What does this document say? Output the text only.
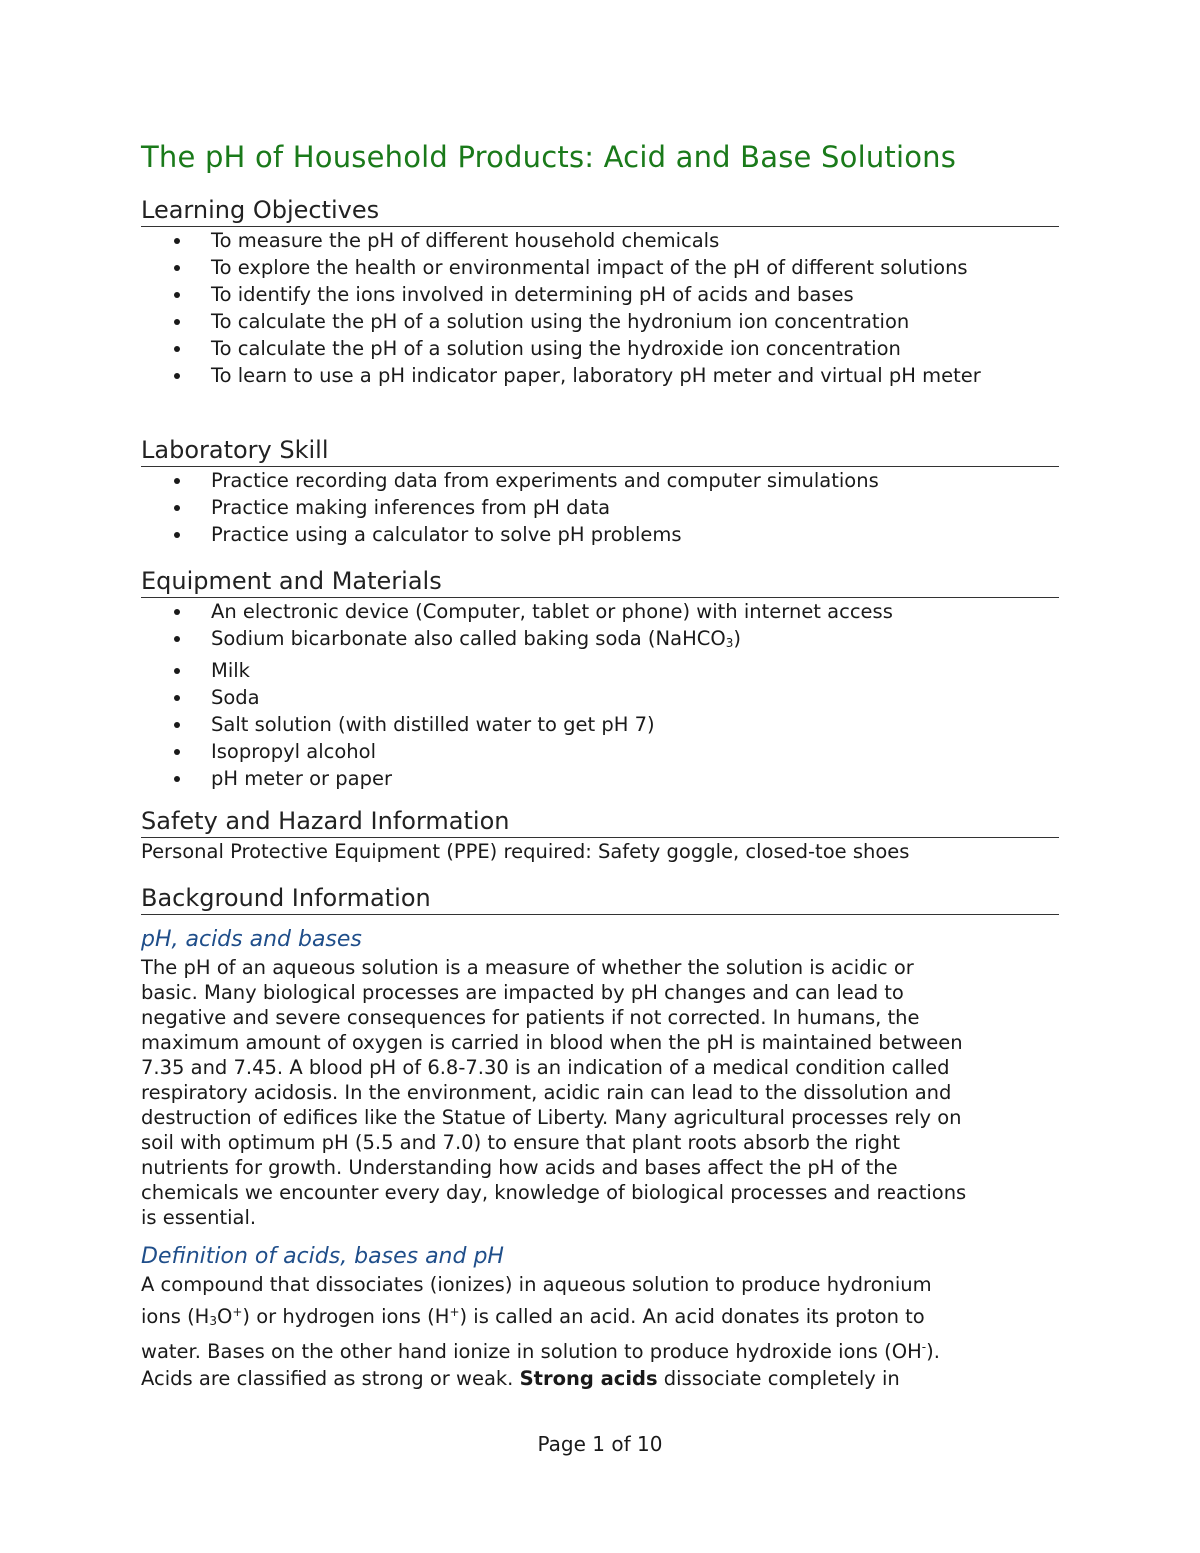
The pH of Household Products: Acid and Base Solutions
Learning Objectives
To measure the pH of different household chemicals
To explore the health or environmental impact of the pH of different solutions
To identify the ions involved in determining pH of acids and bases
To calculate the pH of a solution using the hydronium ion concentration
To calculate the pH of a solution using the hydroxide ion concentration
To learn to use a pH indicator paper, laboratory pH meter and virtual pH meter
Laboratory Skill
Practice recording data from experiments and computer simulations
Practice making inferences from pH data
Practice using a calculator to solve pH problems
Equipment and Materials
An electronic device (Computer, tablet or phone) with internet access
Sodium bicarbonate also called baking soda (NaHCO$_3$)
Milk
Soda
Salt solution (with distilled water to get pH 7)
Isopropyl alcohol
pH meter or paper
Safety and Hazard Information

Personal Protective Equipment (PPE) required: Safety goggle, closed-toe shoes

Background Information
pH, acids and bases
The pH of an aqueous solution is a measure of whether the solution is acidic or
basic. Many biological processes are impacted by pH changes and can lead to
negative and severe consequences for patients if not corrected. In humans, the
maximum amount of oxygen is carried in blood when the pH is maintained between
7.35 and 7.45. A blood pH of 6.8-7.30 is an indication of a medical condition called
respiratory acidosis. In the environment, acidic rain can lead to the dissolution and
destruction of edifices like the Statue of Liberty. Many agricultural processes rely on
soil with optimum pH (5.5 and 7.0) to ensure that plant roots absorb the right
nutrients for growth. Understanding how acids and bases affect the pH of the
chemicals we encounter every day, knowledge of biological processes and reactions
is essential.
Definition of acids, bases and pH
A compound that dissociates (ionizes) in aqueous solution to produce hydronium
ions $(H_3O^+)$ or hydrogen ions (H+) is called an acid. An acid donates its proton to
water. Bases on the other hand ionize in solution to produce hydroxide ions (OH-).
Acids are classified as strong or weak. Strong acids dissociate completely in
Page 1 of 10
